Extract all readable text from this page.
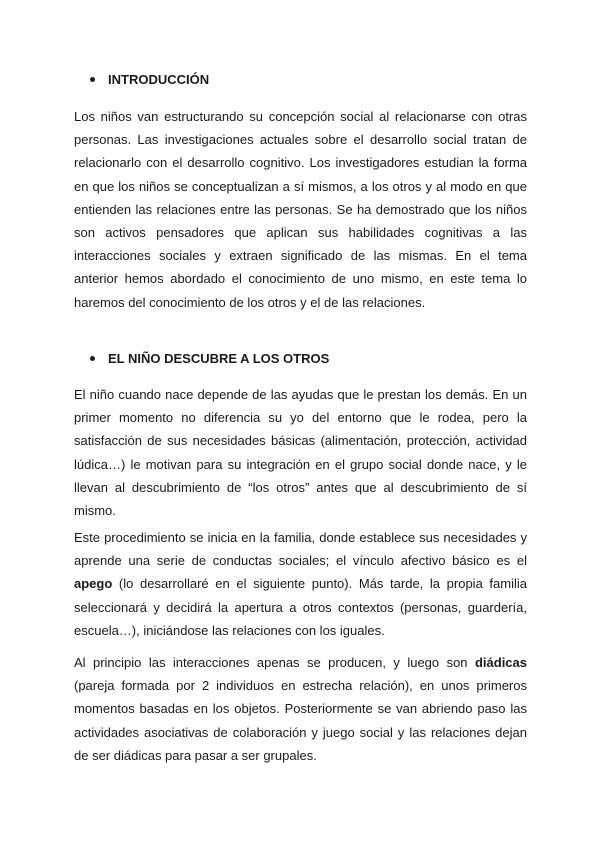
INTRODUCCIÓN

Los niños van estructurando su concepción social al relacionarse con otras personas. Las investigaciones actuales sobre el desarrollo social tratan de relacionarlo con el desarrollo cognitivo. Los investigadores estudian la forma en que los niños se conceptualizan a sí mismos, a los otros y al modo en que entienden las relaciones entre las personas. Se ha demostrado que los niños son activos pensadores que aplican sus habilidades cognitivas a las interacciones sociales y extraen significado de las mismas. En el tema anterior hemos abordado el conocimiento de uno mismo, en este tema lo haremos del conocimiento de los otros y el de las relaciones.

EL NIÑO DESCUBRE A LOS OTROS

El niño cuando nace depende de las ayudas que le prestan los demás. En un primer momento no diferencia su yo del entorno que le rodea, pero la satisfacción de sus necesidades básicas (alimentación, protección, actividad lúdica…) le motivan para su integración en el grupo social donde nace, y le llevan al descubrimiento de “los otros” antes que al descubrimiento de sí mismo.

Este procedimiento se inicia en la familia, donde establece sus necesidades y aprende una serie de conductas sociales; el vínculo afectivo básico es el apego (lo desarrollaré en el siguiente punto). Más tarde, la propia familia seleccionará y decidirá la apertura a otros contextos (personas, guardería, escuela…), iniciándose las relaciones con los iguales.

Al principio las interacciones apenas se producen, y luego son diádicas (pareja formada por 2 individuos en estrecha relación), en unos primeros momentos basadas en los objetos. Posteriormente se van abriendo paso las actividades asociativas de colaboración y juego social y las relaciones dejan de ser diádicas para pasar a ser grupales.
